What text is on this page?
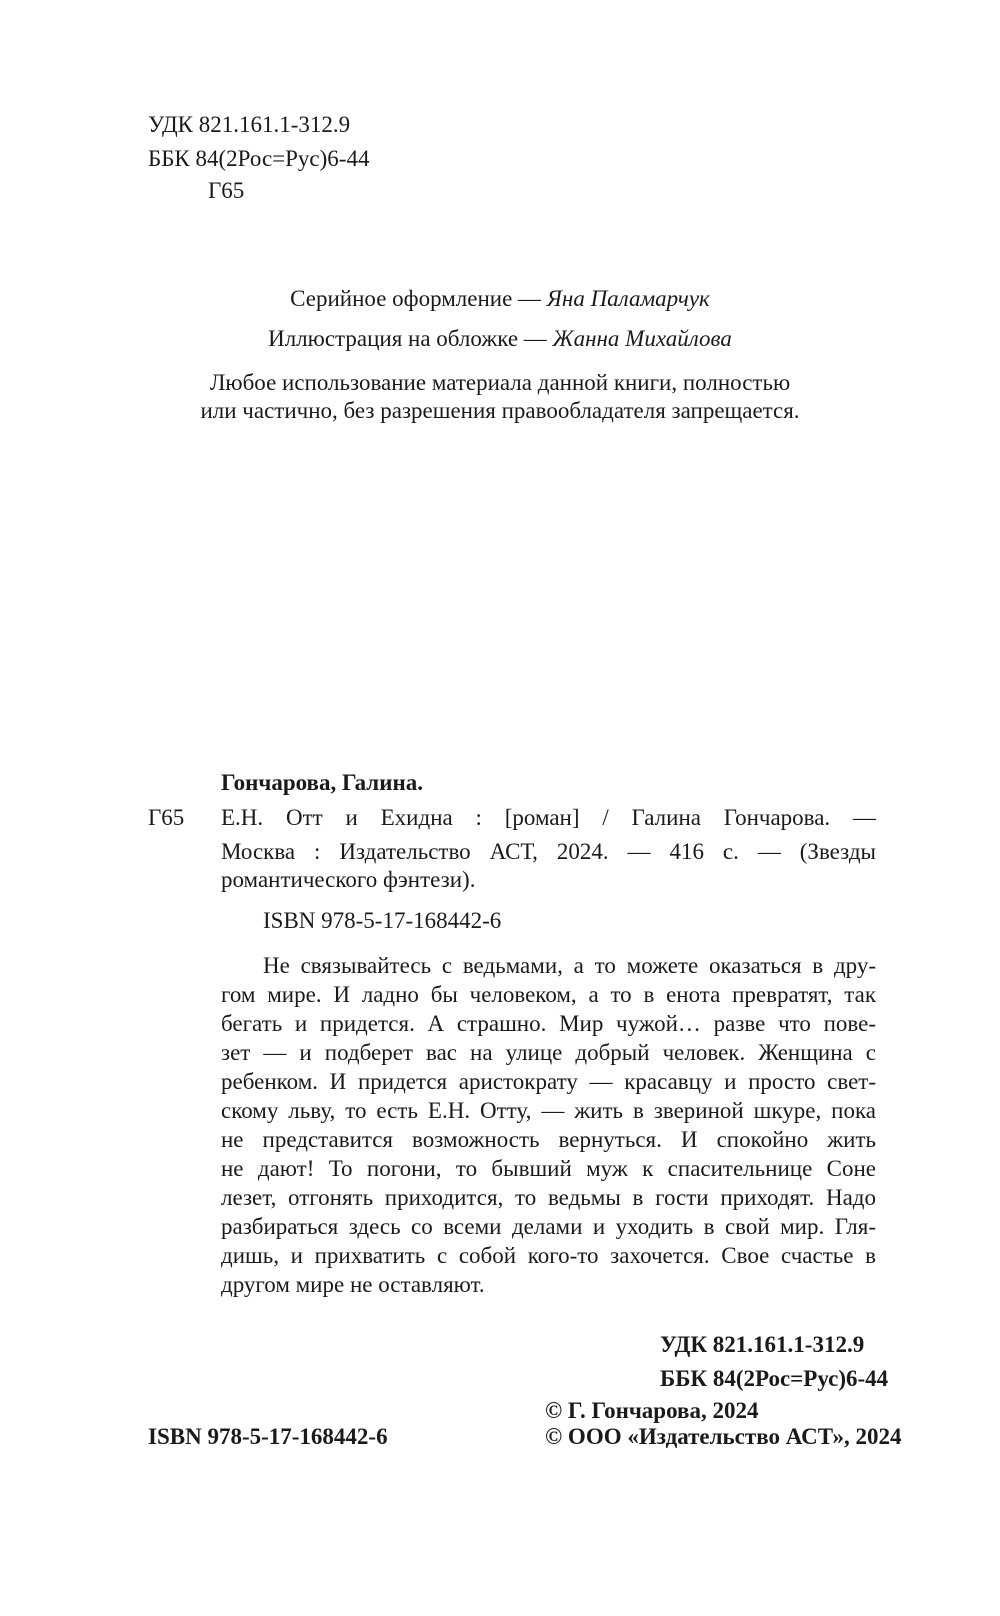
УДК 821.161.1-312.9
ББК 84(2Рос=Рус)6-44
Г65
Серийное оформление — Яна Паламарчук
Иллюстрация на обложке — Жанна Михайлова
Любое использование материала данной книги, полностью
или частично, без разрешения правообладателя запрещается.
Гончарова, Галина.
Г65 Е.Н. Отт и Ехидна : [роман] / Галина Гончарова. —
Москва : Издательство АСТ, 2024. — 416 с. — (Звезды
романтического фэнтези).
ISBN 978-5-17-168442-6
Не связывайтесь с ведьмами, а то можете оказаться в дру-
гом мире. И ладно бы человеком, а то в енота превратят, так
бегать и придется. А страшно. Мир чужой… разве что пове-
зет — и подберет вас на улице добрый человек. Женщина с
ребенком. И придется аристократу — красавцу и просто свет-
скому льву, то есть Е.Н. Отту, — жить в звериной шкуре, пока
не представится возможность вернуться. И спокойно жить
не дают! То погони, то бывший муж к спасительнице Соне
лезет, отгонять приходится, то ведьмы в гости приходят. Надо
разбираться здесь со всеми делами и уходить в свой мир. Гля-
дишь, и прихватить с собой кого-то захочется. Свое счастье в
другом мире не оставляют.
УДК 821.161.1-312.9
ББК 84(2Рос=Рус)6-44
© Г. Гончарова, 2024
© ООО «Издательство АСТ», 2024
ISBN 978-5-17-168442-6
